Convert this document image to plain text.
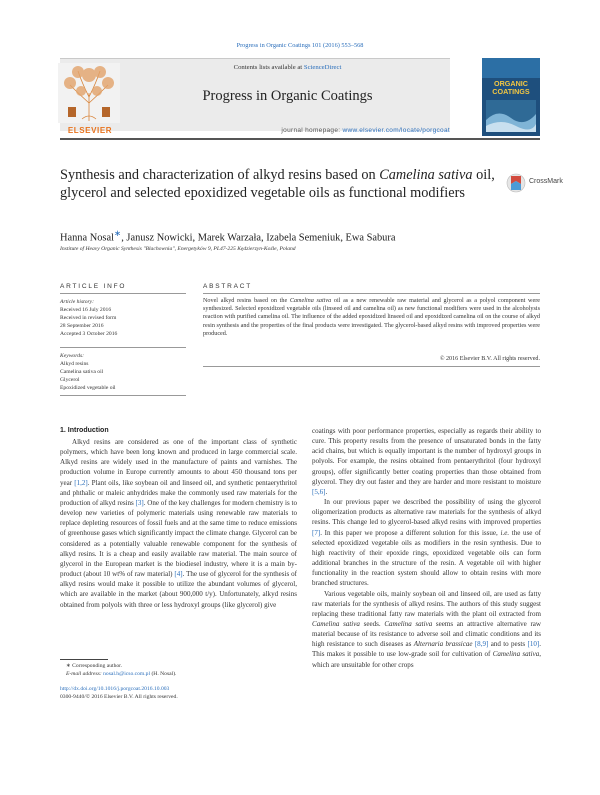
Progress in Organic Coatings 101 (2016) 553–568
ELSEVIER
Contents lists available at ScienceDirect
Progress in Organic Coatings
journal homepage: www.elsevier.com/locate/porgcoat
ORGANIC
COATINGS
Synthesis and characterization of alkyd resins based on Camelina sativa oil, glycerol and selected epoxidized vegetable oils as functional modifiers
CrossMark
Hanna Nosal∗, Janusz Nowicki, Marek Warzała, Izabela Semeniuk, Ewa Sabura
Institute of Heavy Organic Synthesis "Blachownia", Energetyków 9, PL47-225 Kędzierzyn-Koźle, Poland
ARTICLE INFO	ABSTRACT
Article history:
Received 16 July 2016
Received in revised form
28 September 2016
Accepted 3 October 2016
Keywords:
Alkyd resins
Camelina sativa oil
Glycerol
Epoxidized vegetable oil
Novel alkyd resins based on the Camelina sativa oil as a new renewable raw material and glycerol as a polyol component were synthesized. Selected epoxidized vegetable oils (linseed oil and camelina oil) as new functional modifiers were used in the alcoholysis reaction with purified camelina oil. The influence of the added epoxidized linseed oil and epoxidized camelina oil on the course of alkyd resin synthesis and the properties of the final products were investigated. The glycerol-based alkyd resins with improved properties were produced.
© 2016 Elsevier B.V. All rights reserved.
1. Introduction

Alkyd resins are considered as one of the important class of synthetic polymers, which have been long known and produced in large commercial scale. Alkyd resins are widely used in the manufacture of paints and varnishes. The production volume in Europe currently amounts to about 450 thousand tons per year [1,2]. Plant oils, like soybean oil and linseed oil, and synthetic pentaerythritol and phthalic or maleic anhydrides make the commonly used raw materials for the production of alkyd resins [3]. One of the key challenges for modern chemistry is to develop new varieties of polymeric materials using renewable raw materials to replace depleting resources of fossil fuels and at the same time to reduce emissions of greenhouse gases which significantly impact the climate change. Glycerol can be considered as a potentially valuable renewable component for the synthesis of alkyd resins. It is a cheap and easily available raw material. The main source of glycerol in the European market is the biodiesel industry, where it is a main by-product (about 10 wt% of raw material) [4]. The use of glycerol for the synthesis of alkyd resins would make it possible to utilize the abundant volumes of glycerol, which are available in the market (about 900,000 t/y). Unfortunately, alkyd resins obtained from polyols with three or less hydroxyl groups (like glycerol) give

coatings with poor performance properties, especially as regards their ability to cure. This property results from the presence of unsaturated bonds in the fatty acid chains, but which is equally important is the number of hydroxyl groups in polyols. For example, the resins obtained from pentaerythritol (four hydroxyl groups), offer significantly better coating properties than those obtained from glycerol. They dry out faster and they are harder and more resistant to moisture [5,6].

In our previous paper we described the possibility of using the glycerol oligomerization products as alternative raw materials for the synthesis of alkyd resins. This change led to glycerol-based alkyd resins with improved properties [7]. In this paper we propose a different solution for this issue, i.e. the use of selected epoxidized vegetable oils as modifiers in the resin synthesis. Due to high reactivity of their epoxide rings, epoxidized vegetable oils can form additional branches in the structure of the resin. A vegetable oil with higher functionality in the reaction system should allow to obtain resins with more branched structures.

Various vegetable oils, mainly soybean oil and linseed oil, are used as fatty raw materials for the synthesis of alkyd resins. The authors of this study suggest replacing these traditional fatty raw materials with the plant oil extracted from Camelina sativa seeds. Camelina sativa seems an attractive alternative raw material because of its resistance to adverse soil and climatic conditions and its high resistance to such diseases as Alternaria brassicae [8,9] and to pests [10]. This makes it possible to use low-grade soil for cultivation of Camelina sativa, which are unsuitable for other crops

∗ Corresponding author.
E-mail address: nosal.h@icso.com.pl (H. Nosal).
http://dx.doi.org/10.1016/j.porgcoat.2016.10.003
0300-9440/© 2016 Elsevier B.V. All rights reserved.
